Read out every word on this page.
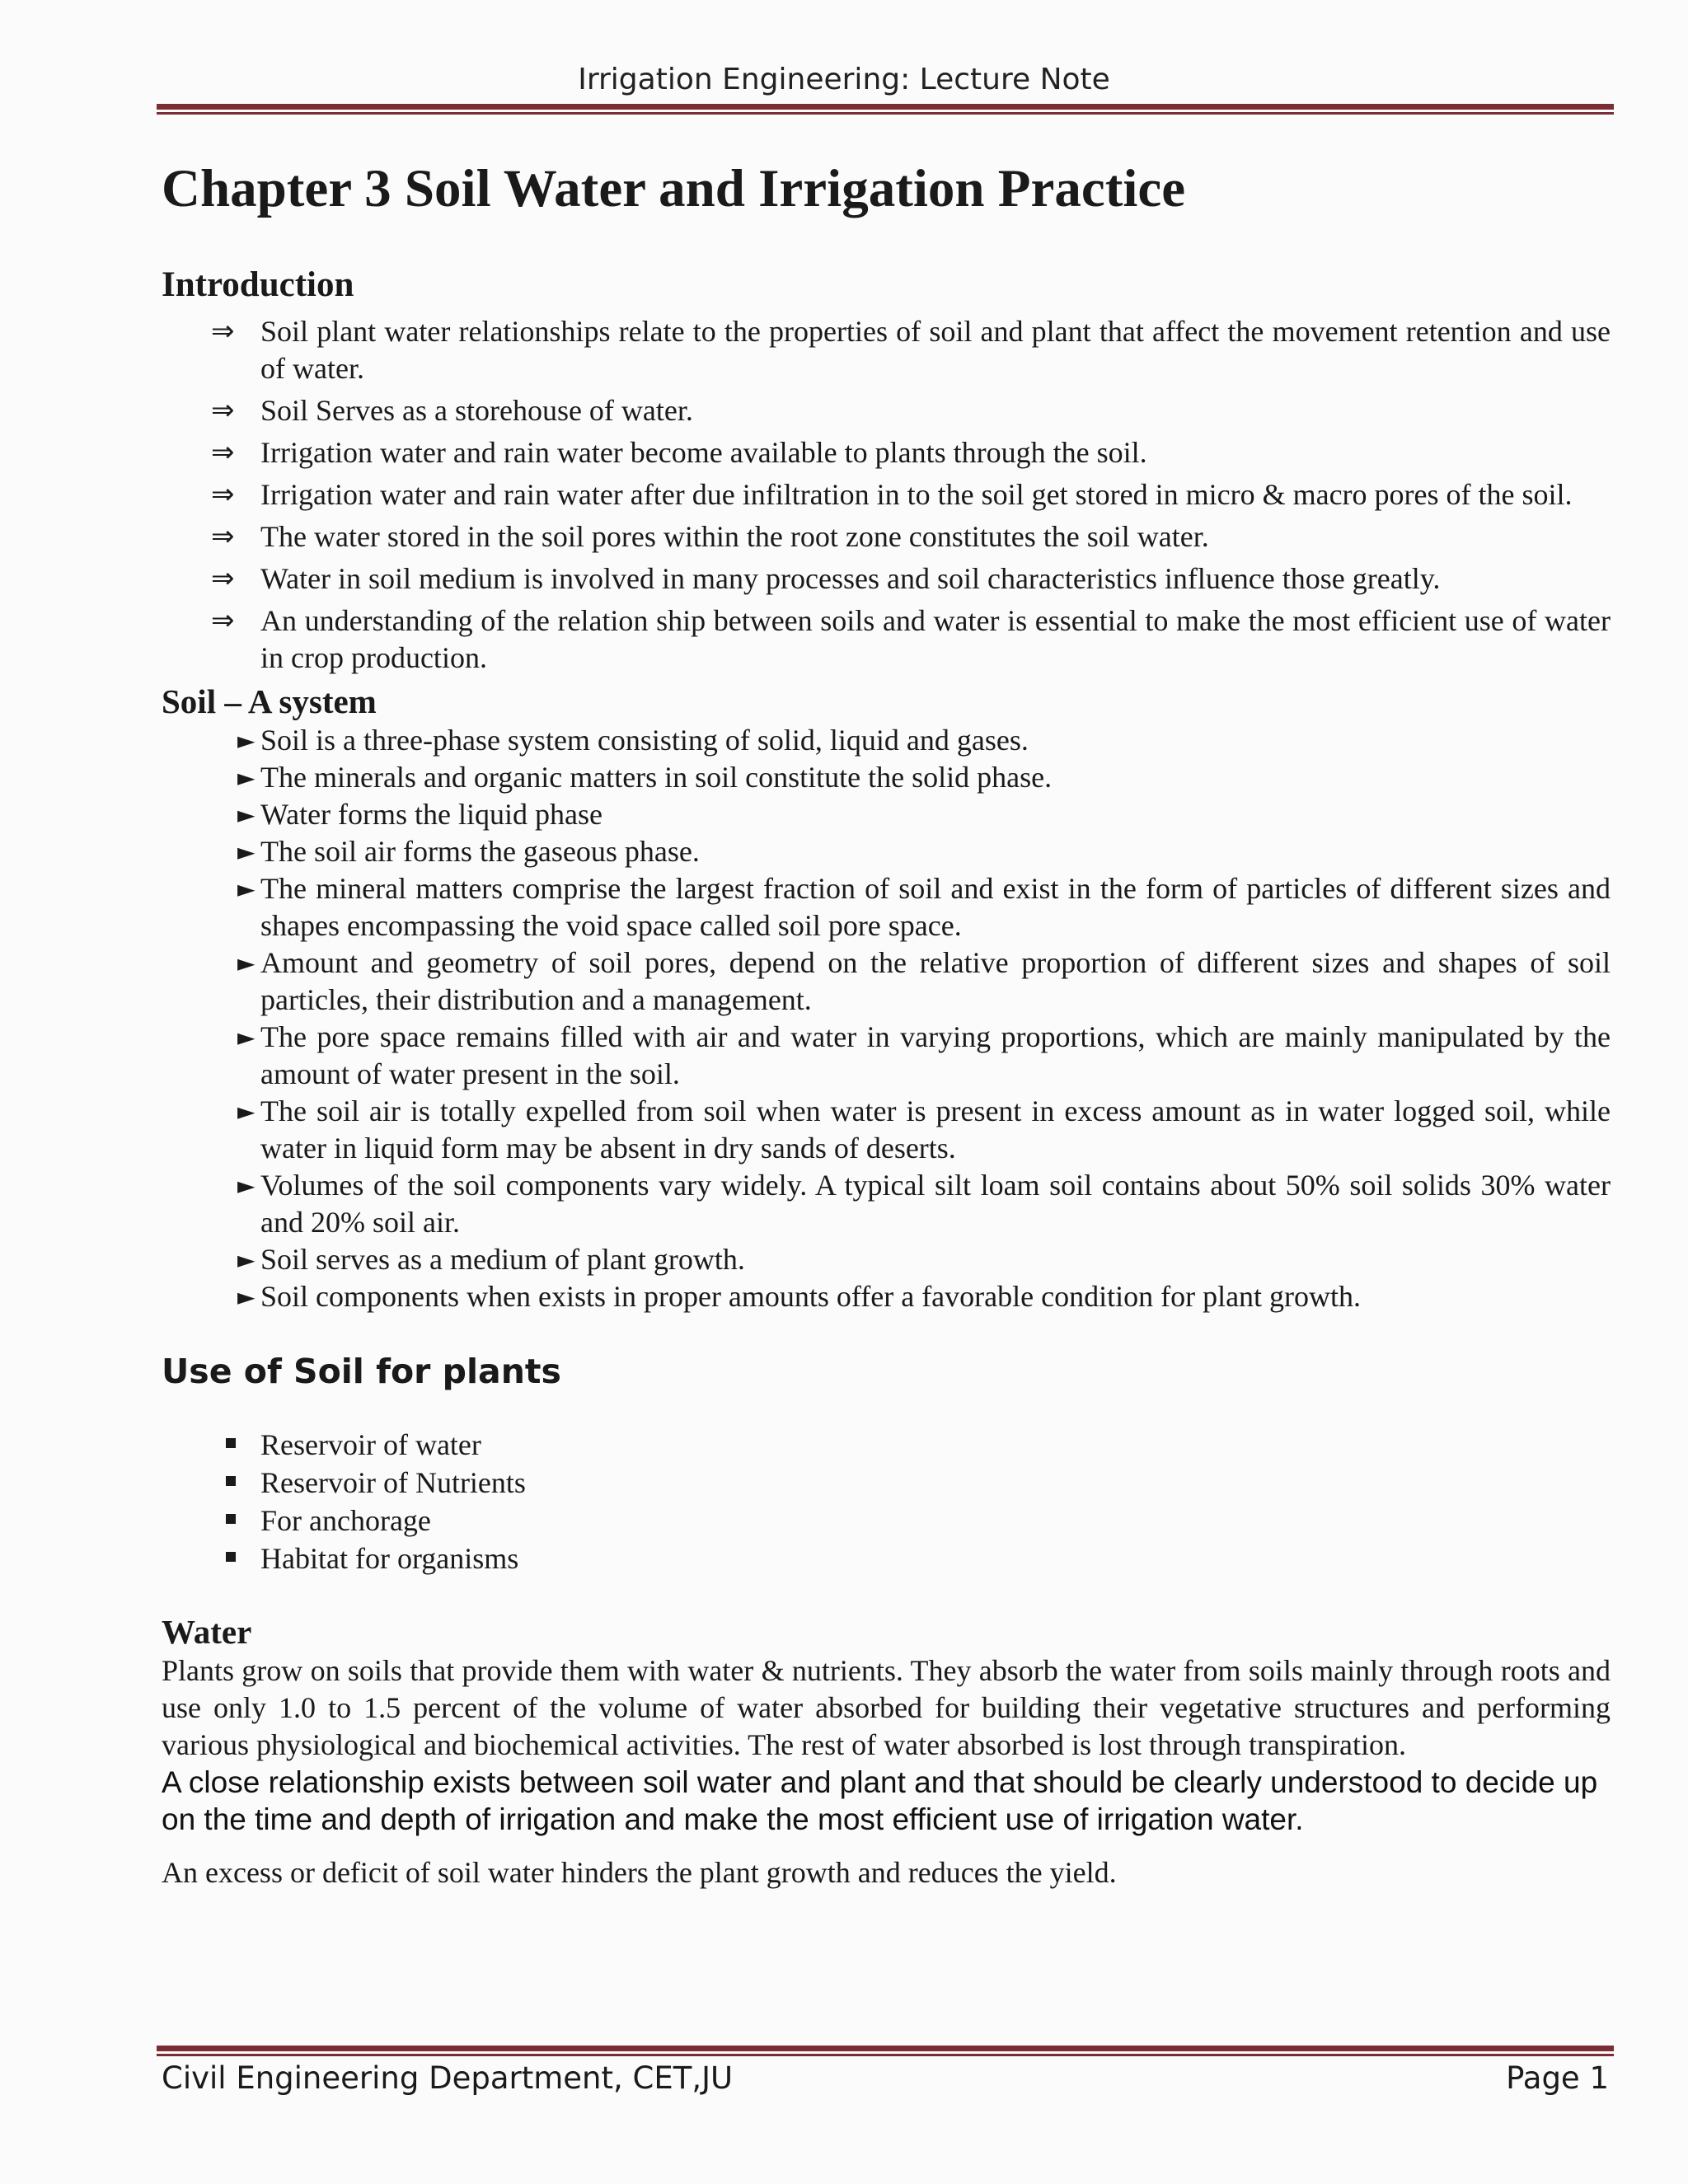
Irrigation Engineering: Lecture Note
Chapter 3 Soil Water and Irrigation Practice
Introduction
⇒ Soil plant water relationships relate to the properties of soil and plant that affect the movement retention and use of water.
⇒ Soil Serves as a storehouse of water.
⇒ Irrigation water and rain water become available to plants through the soil.
⇒ Irrigation water and rain water after due infiltration in to the soil get stored in micro & macro pores of the soil.
⇒ The water stored in the soil pores within the root zone constitutes the soil water.
⇒ Water in soil medium is involved in many processes and soil characteristics influence those greatly.
⇒ An understanding of the relation ship between soils and water is essential to make the most efficient use of water in crop production.
Soil – A system
► Soil is a three-phase system consisting of solid, liquid and gases.
► The minerals and organic matters in soil constitute the solid phase.
► Water forms the liquid phase
► The soil air forms the gaseous phase.
► The mineral matters comprise the largest fraction of soil and exist in the form of particles of different sizes and shapes encompassing the void space called soil pore space.
► Amount and geometry of soil pores, depend on the relative proportion of different sizes and shapes of soil particles, their distribution and a management.
► The pore space remains filled with air and water in varying proportions, which are mainly manipulated by the amount of water present in the soil.
► The soil air is totally expelled from soil when water is present in excess amount as in water logged soil, while water in liquid form may be absent in dry sands of deserts.
► Volumes of the soil components vary widely. A typical silt loam soil contains about 50% soil solids 30% water and 20% soil air.
► Soil serves as a medium of plant growth.
► Soil components when exists in proper amounts offer a favorable condition for plant growth.
Use of Soil for plants
Reservoir of water
Reservoir of Nutrients
For anchorage
Habitat for organisms
Water

Plants grow on soils that provide them with water & nutrients. They absorb the water from soils mainly through roots and use only 1.0 to 1.5 percent of the volume of water absorbed for building their vegetative structures and performing various physiological and biochemical activities. The rest of water absorbed is lost through transpiration.

A close relationship exists between soil water and plant and that should be clearly understood to decide up on the time and depth of irrigation and make the most efficient use of irrigation water.

An excess or deficit of soil water hinders the plant growth and reduces the yield.

Civil Engineering Department, CET,JU	Page 1
